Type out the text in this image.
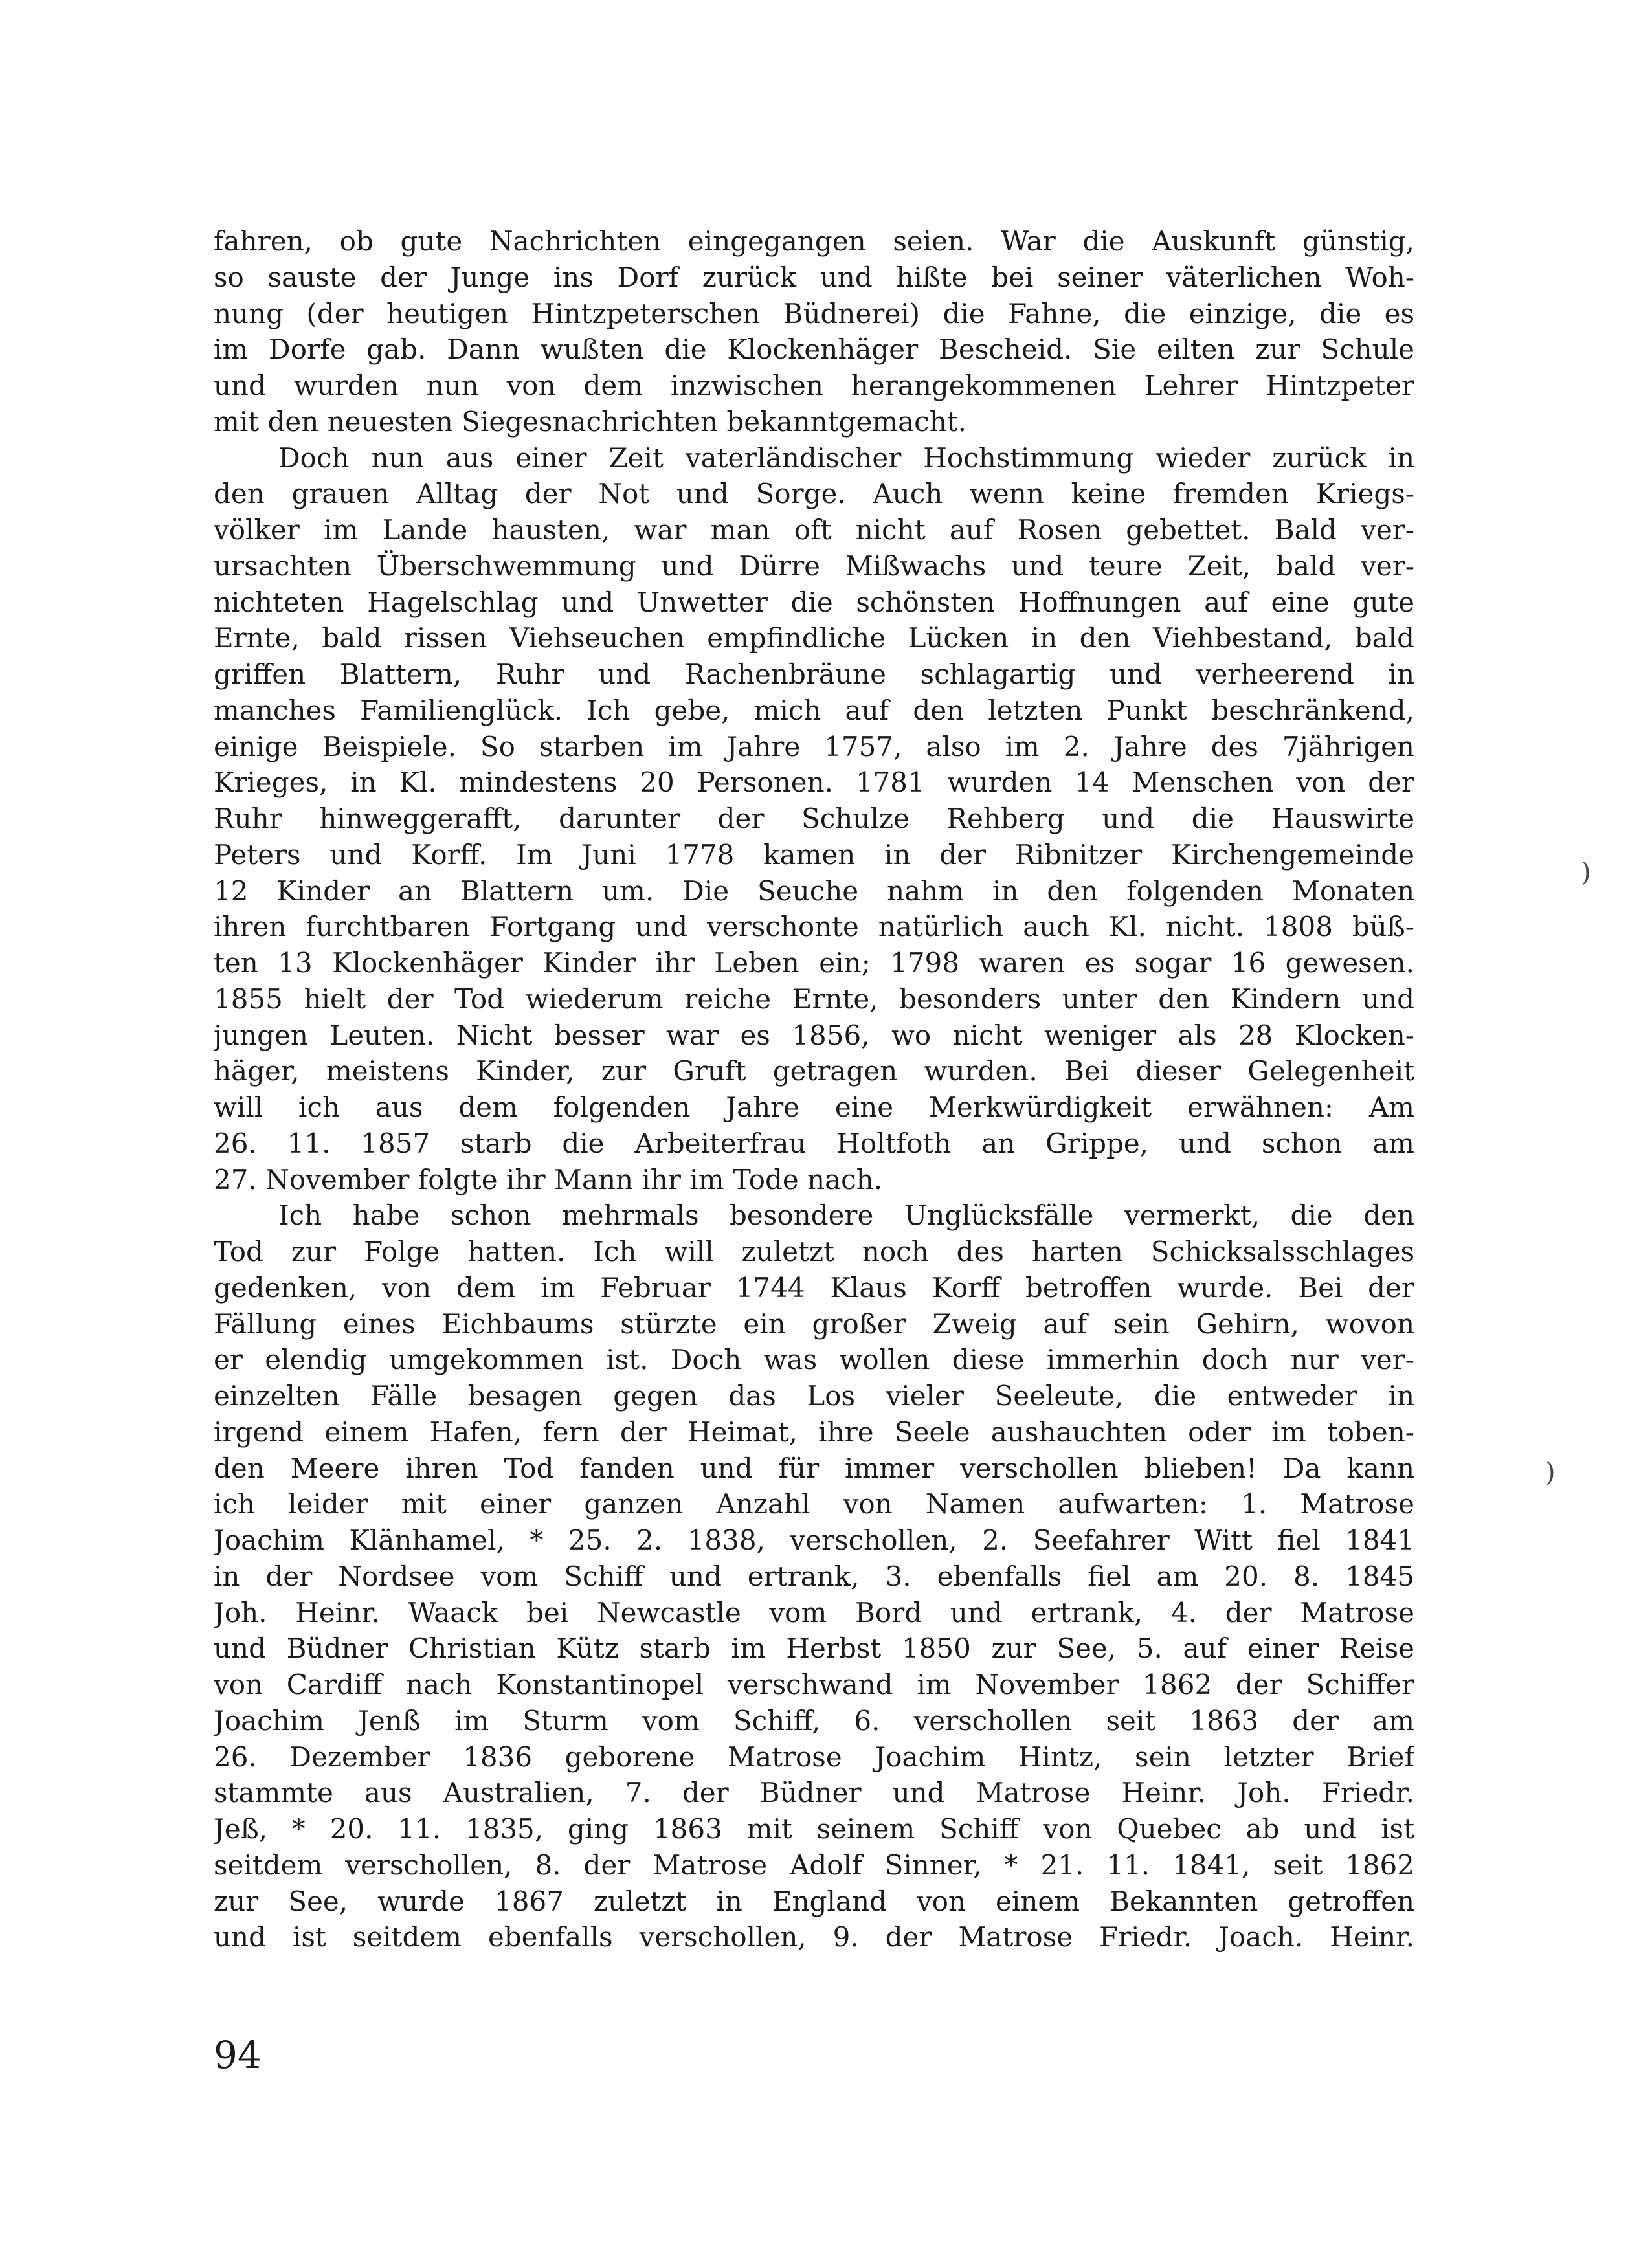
fahren, ob gute Nachrichten eingegangen seien. War die Auskunft günstig,
so sauste der Junge ins Dorf zurück und hißte bei seiner väterlichen Woh-
nung (der heutigen Hintzpeterschen Büdnerei) die Fahne, die einzige, die es
im Dorfe gab. Dann wußten die Klockenhäger Bescheid. Sie eilten zur Schule
und wurden nun von dem inzwischen herangekommenen Lehrer Hintzpeter
mit den neuesten Siegesnachrichten bekanntgemacht.
Doch nun aus einer Zeit vaterländischer Hochstimmung wieder zurück in
den grauen Alltag der Not und Sorge. Auch wenn keine fremden Kriegs-
völker im Lande hausten, war man oft nicht auf Rosen gebettet. Bald ver-
ursachten Überschwemmung und Dürre Mißwachs und teure Zeit, bald ver-
nichteten Hagelschlag und Unwetter die schönsten Hoffnungen auf eine gute
Ernte, bald rissen Viehseuchen empfindliche Lücken in den Viehbestand, bald
griffen Blattern, Ruhr und Rachenbräune schlagartig und verheerend in
manches Familienglück. Ich gebe, mich auf den letzten Punkt beschränkend,
einige Beispiele. So starben im Jahre 1757, also im 2. Jahre des 7jährigen
Krieges, in Kl. mindestens 20 Personen. 1781 wurden 14 Menschen von der
Ruhr hinweggerafft, darunter der Schulze Rehberg und die Hauswirte
Peters und Korff. Im Juni 1778 kamen in der Ribnitzer Kirchengemeinde
12 Kinder an Blattern um. Die Seuche nahm in den folgenden Monaten
ihren furchtbaren Fortgang und verschonte natürlich auch Kl. nicht. 1808 büß-
ten 13 Klockenhäger Kinder ihr Leben ein; 1798 waren es sogar 16 gewesen.
1855 hielt der Tod wiederum reiche Ernte, besonders unter den Kindern und
jungen Leuten. Nicht besser war es 1856, wo nicht weniger als 28 Klocken-
häger, meistens Kinder, zur Gruft getragen wurden. Bei dieser Gelegenheit
will ich aus dem folgenden Jahre eine Merkwürdigkeit erwähnen: Am
26. 11. 1857 starb die Arbeiterfrau Holtfoth an Grippe, und schon am
27. November folgte ihr Mann ihr im Tode nach.
Ich habe schon mehrmals besondere Unglücksfälle vermerkt, die den
Tod zur Folge hatten. Ich will zuletzt noch des harten Schicksalsschlages
gedenken, von dem im Februar 1744 Klaus Korff betroffen wurde. Bei der
Fällung eines Eichbaums stürzte ein großer Zweig auf sein Gehirn, wovon
er elendig umgekommen ist. Doch was wollen diese immerhin doch nur ver-
einzelten Fälle besagen gegen das Los vieler Seeleute, die entweder in
irgend einem Hafen, fern der Heimat, ihre Seele aushauchten oder im toben-
den Meere ihren Tod fanden und für immer verschollen blieben! Da kann
ich leider mit einer ganzen Anzahl von Namen aufwarten: 1. Matrose
Joachim Klänhamel, * 25. 2. 1838, verschollen, 2. Seefahrer Witt fiel 1841
in der Nordsee vom Schiff und ertrank, 3. ebenfalls fiel am 20. 8. 1845
Joh. Heinr. Waack bei Newcastle vom Bord und ertrank, 4. der Matrose
und Büdner Christian Kütz starb im Herbst 1850 zur See, 5. auf einer Reise
von Cardiff nach Konstantinopel verschwand im November 1862 der Schiffer
Joachim Jenß im Sturm vom Schiff, 6. verschollen seit 1863 der am
26. Dezember 1836 geborene Matrose Joachim Hintz, sein letzter Brief
stammte aus Australien, 7. der Büdner und Matrose Heinr. Joh. Friedr.
Jeß, * 20. 11. 1835, ging 1863 mit seinem Schiff von Quebec ab und ist
seitdem verschollen, 8. der Matrose Adolf Sinner, * 21. 11. 1841, seit 1862
zur See, wurde 1867 zuletzt in England von einem Bekannten getroffen
und ist seitdem ebenfalls verschollen, 9. der Matrose Friedr. Joach. Heinr.
)
)
94
